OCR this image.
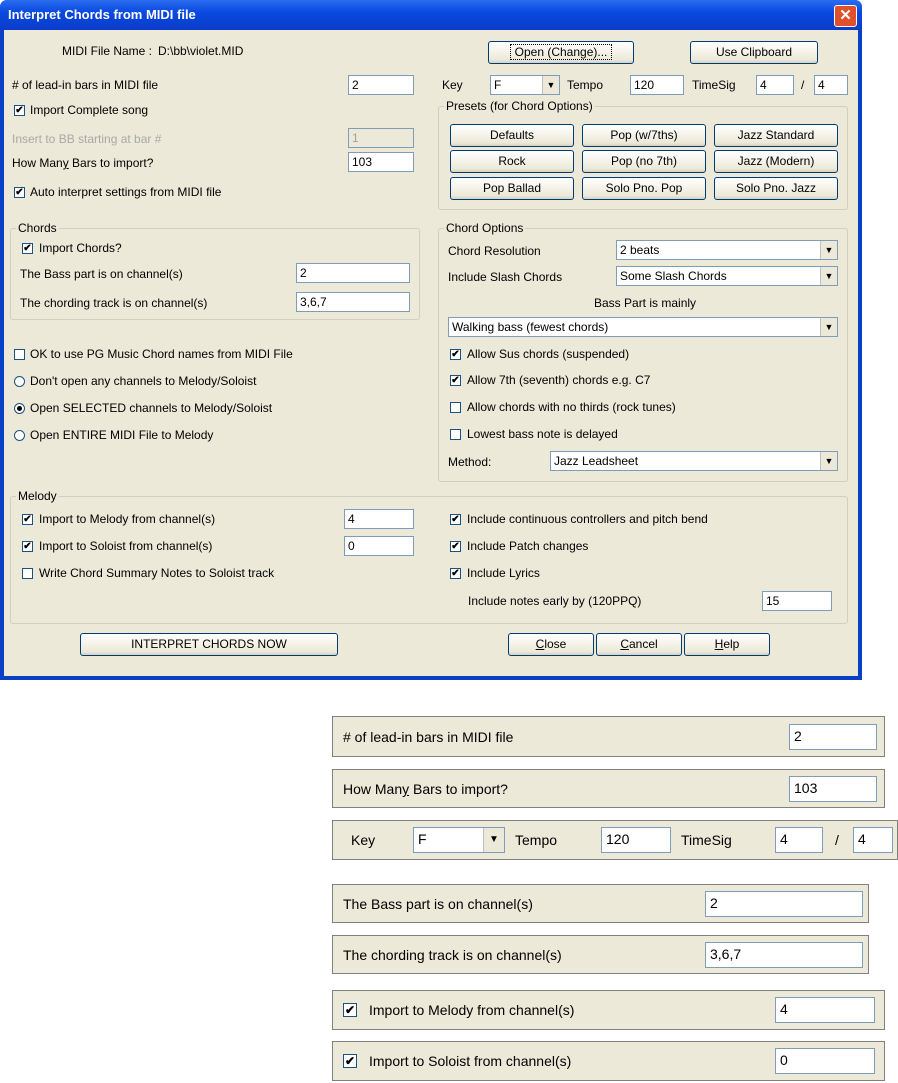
Interpret Chords from MIDI file	✕
MIDI File Name : D:\bb\violet.MID	Open (Change)...	Use Clipboard
# of lead-in bars in MIDI file	2	Key	F	▼ Tempo	120	TimeSig	4	/	4
✔ Import Complete song
Insert to BB starting at bar #	1
How Many Bars to import?	103
✔ Auto interpret settings from MIDI file
Presets (for Chord Options)
Defaults	Pop (w/7ths)	Jazz Standard
Rock	Pop (no 7th)	Jazz (Modern)
Pop Ballad	Solo Pno. Pop	Solo Pno. Jazz
Chords
✔ Import Chords?
The Bass part is on channel(s)	2
The chording track is on channel(s)	3,6,7
Chord Options
Chord Resolution	2 beats	▼
Include Slash Chords	Some Slash Chords	▼
Bass Part is mainly
Walking bass (fewest chords)	▼
✔ Allow Sus chords (suspended)
✔ Allow 7th (seventh) chords e.g. C7
Allow chords with no thirds (rock tunes)
Lowest bass note is delayed
Method:	Jazz Leadsheet	▼
OK to use PG Music Chord names from MIDI File
Don't open any channels to Melody/Soloist
Open SELECTED channels to Melody/Soloist
Open ENTIRE MIDI File to Melody
Melody
✔ Import to Melody from channel(s)	4
✔ Import to Soloist from channel(s)	0
Write Chord Summary Notes to Soloist track
✔ Include continuous controllers and pitch bend
✔ Include Patch changes
✔ Include Lyrics
Include notes early by (120PPQ)	15
INTERPRET CHORDS NOW	Close	Cancel	Help
# of lead-in bars in MIDI file	2
How Many Bars to import?	103
Key	F	▼	Tempo	120	TimeSig	4	/	4
The Bass part is on channel(s)	2
The chording track is on channel(s)	3,6,7
✔ Import to Melody from channel(s)	4
✔ Import to Soloist from channel(s)	0
